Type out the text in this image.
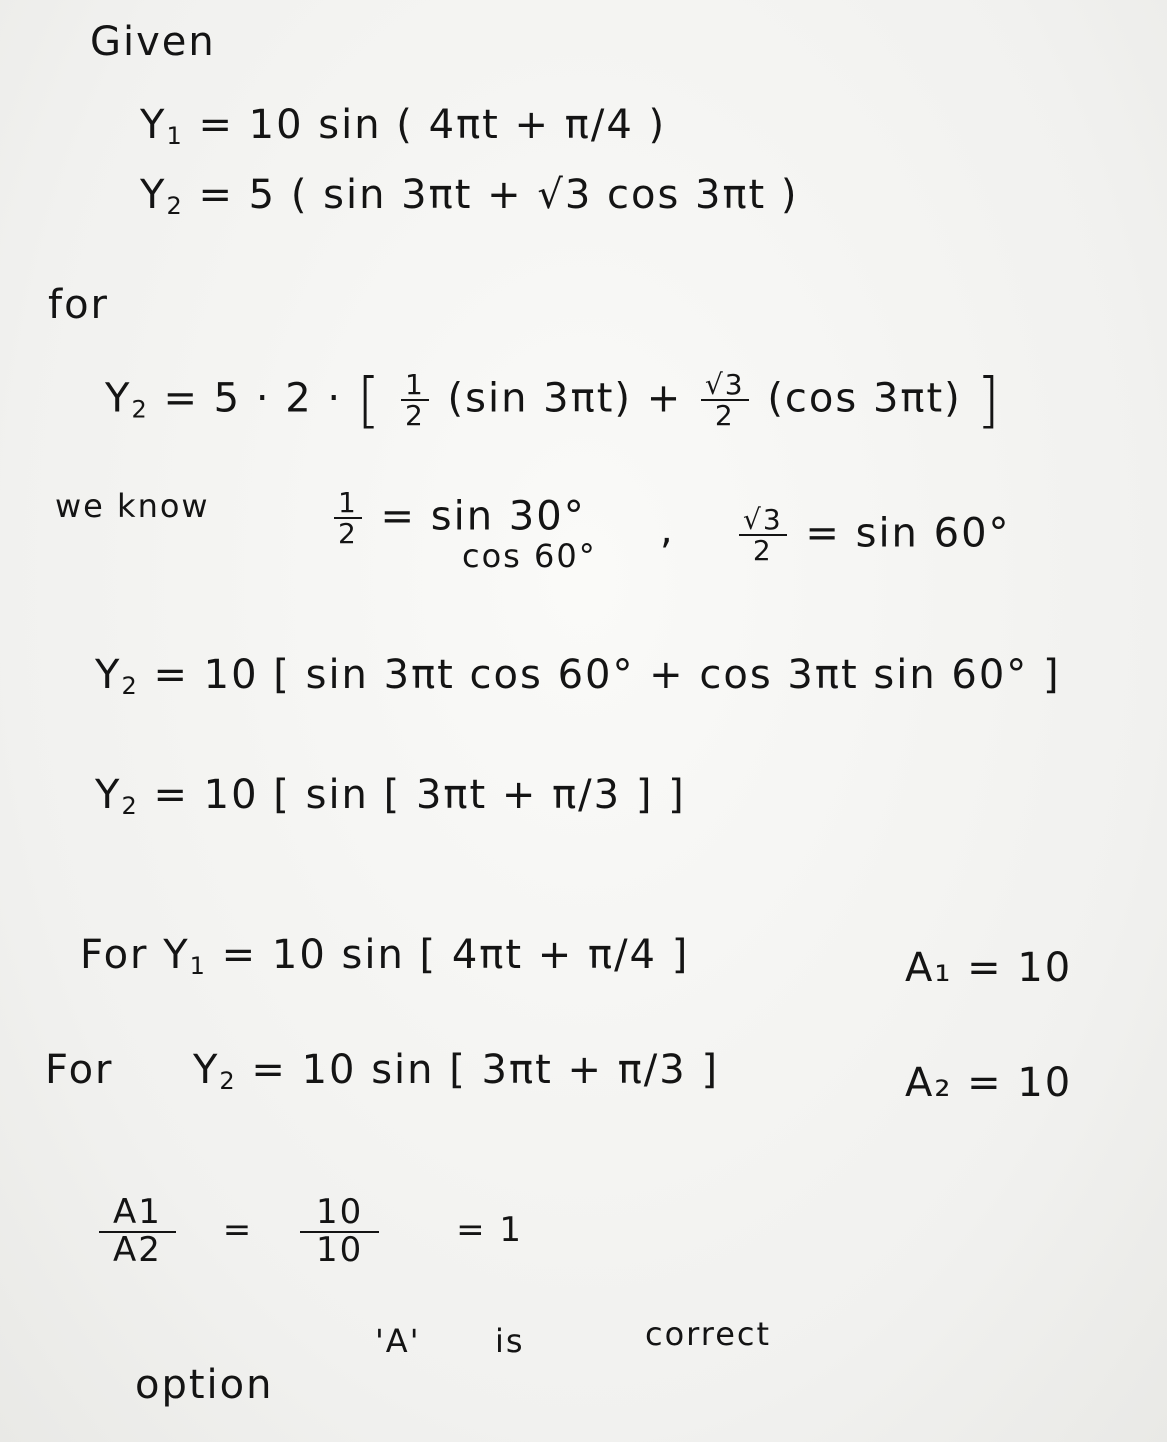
Given
$Y_1 = 10$ sin ( 4πt + π/4 )
$Y_2 = 5$ ( sin 3πt + √3 cos 3πt )
for
$Y_2 = 5 \cdot 2$ · [ $\frac{1}{2} (\sin$ $3\pi t) + \frac{√3}{2} (\cos$ 3πt) ]
we know	$\frac{1}{2} = \sin 30^\circ$
cos 60°
, $\frac{√3}{2} = \sin 60^\circ$
$Y_2 = 10$ [ sin 3πt cos 60° + cos 3πt sin 60° ]
$Y_2 = 10$ [ sin [ 3πt + π/3 ] ]
For $Y_1 = 10$ sin [ 4πt + π/4 ]	A₁ = 10
For $Y_2 = 10$ sin [ 3πt + π/3 ]	A₂ = 10
$\frac{A1}{A2} = \frac{10}{10} = 1$
option
'A' is	correct
